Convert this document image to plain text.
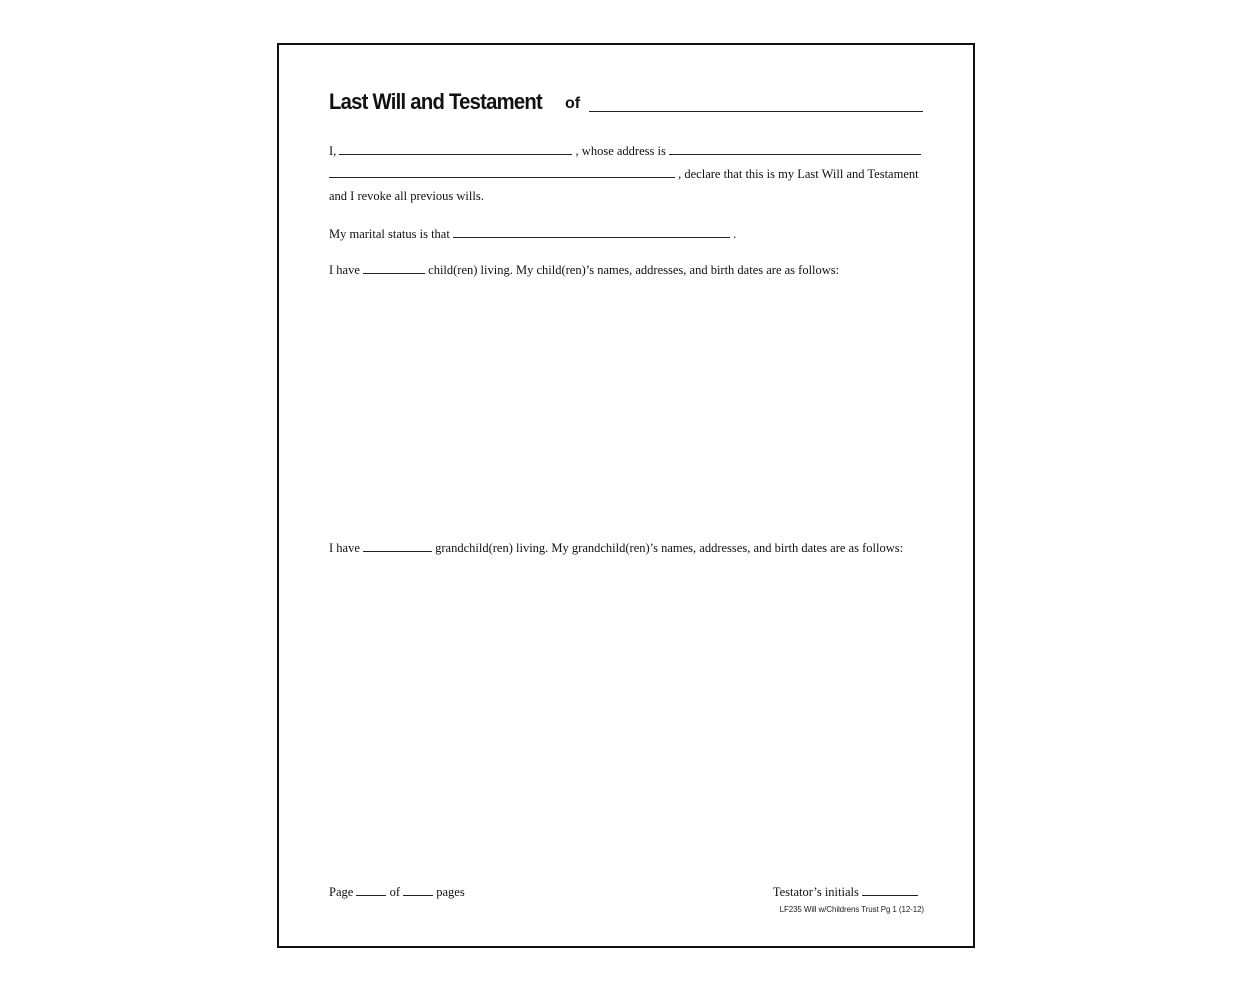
Last Will and Testament of
I,	, whose address is
, declare that this is my Last Will and Testament
and I revoke all previous wills.
My marital status is that	.
I have	child(ren) living. My child(ren)’s names, addresses, and birth dates are as follows:
I have	grandchild(ren) living. My grandchild(ren)’s names, addresses, and birth dates are as follows:
Page	of	pages	Testator’s initials
LF235 Will w/Childrens Trust Pg 1 (12-12)
